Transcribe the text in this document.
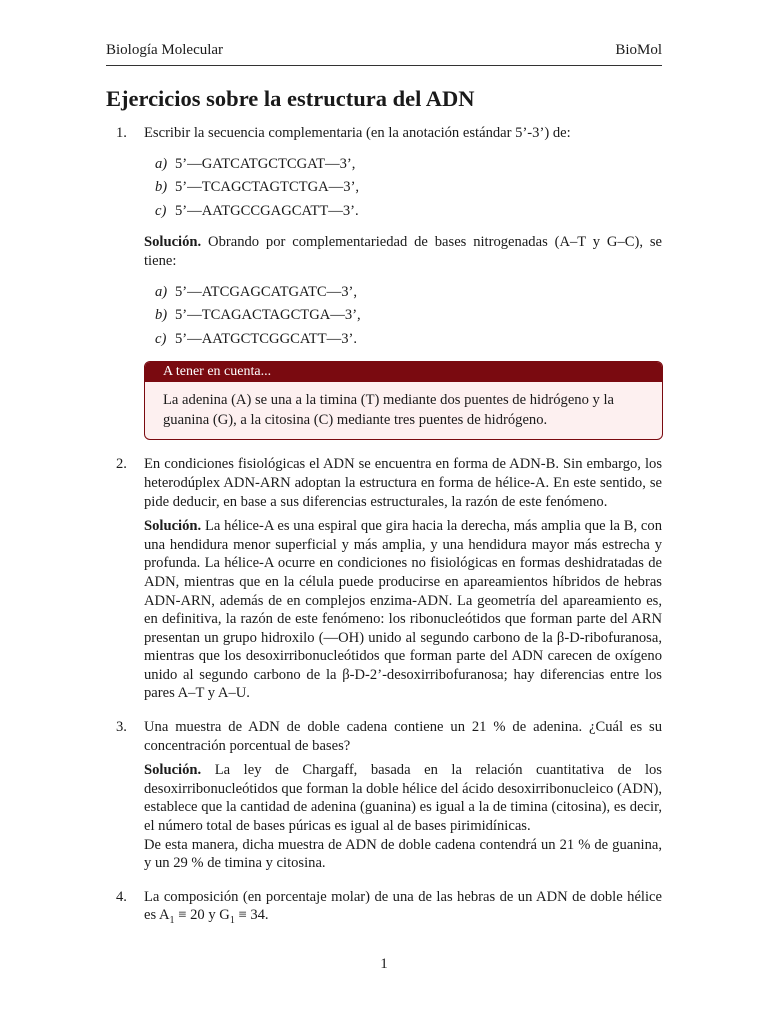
Biología Molecular	BioMol
Ejercicios sobre la estructura del ADN
1. Escribir la secuencia complementaria (en la anotación estándar 5’-3’) de:

a) 5’—GATCATGCTCGAT—3’,
b) 5’—TCAGCTAGTCTGA—3’,
c) 5’—AATGCCGAGCATT—3’.

Solución. Obrando por complementariedad de bases nitrogenadas (A–T y G–C), se tiene:

a) 5’—ATCGAGCATGATC—3’,
b) 5’—TCAGACTAGCTGA—3’,
c) 5’—AATGCTCGGCATT—3’.
A tener en cuenta...
La adenina (A) se una a la timina (T) mediante dos puentes de hidrógeno y la guanina (G), a la citosina (C) mediante tres puentes de hidrógeno.
2. En condiciones fisiológicas el ADN se encuentra en forma de ADN-B. Sin embargo, los heterodúplex ADN-ARN adoptan la estructura en forma de hélice-A. En este sentido, se pide deducir, en base a sus diferencias estructurales, la razón de este fenómeno.

Solución. La hélice-A es una espiral que gira hacia la derecha, más amplia que la B, con una hendidura menor superficial y más amplia, y una hendidura mayor más estrecha y profunda. La hélice-A ocurre en condiciones no fisiológicas en formas deshidratadas de ADN, mientras que en la célula puede producirse en apareamientos híbridos de hebras ADN-ARN, además de en complejos enzima-ADN. La geometría del apareamiento es, en definitiva, la razón de este fenómeno: los ribonucleótidos que forman parte del ARN presentan un grupo hidroxilo (—OH) unido al segundo carbono de la β-D-ribofuranosa, mientras que los desoxirribonucleótidos que forman parte del ADN carecen de oxígeno unido al segundo carbono de la β-D-2’-desoxirribofuranosa; hay diferencias entre los pares A–T y A–U.

3. Una muestra de ADN de doble cadena contiene un 21 % de adenina. ¿Cuál es su concentración porcentual de bases?

Solución. La ley de Chargaff, basada en la relación cuantitativa de los desoxirribonucleótidos que forman la doble hélice del ácido desoxirribonucleico (ADN), establece que la cantidad de adenina (guanina) es igual a la de timina (citosina), es decir, el número total de bases púricas es igual al de bases pirimidínicas.

De esta manera, dicha muestra de ADN de doble cadena contendrá un 21 % de guanina, y un 29 % de timina y citosina.

4. La composición (en porcentaje molar) de una de las hebras de un ADN de doble hélice es $A_1 \equiv 20$ y $G_1 \equiv 34$.

1
